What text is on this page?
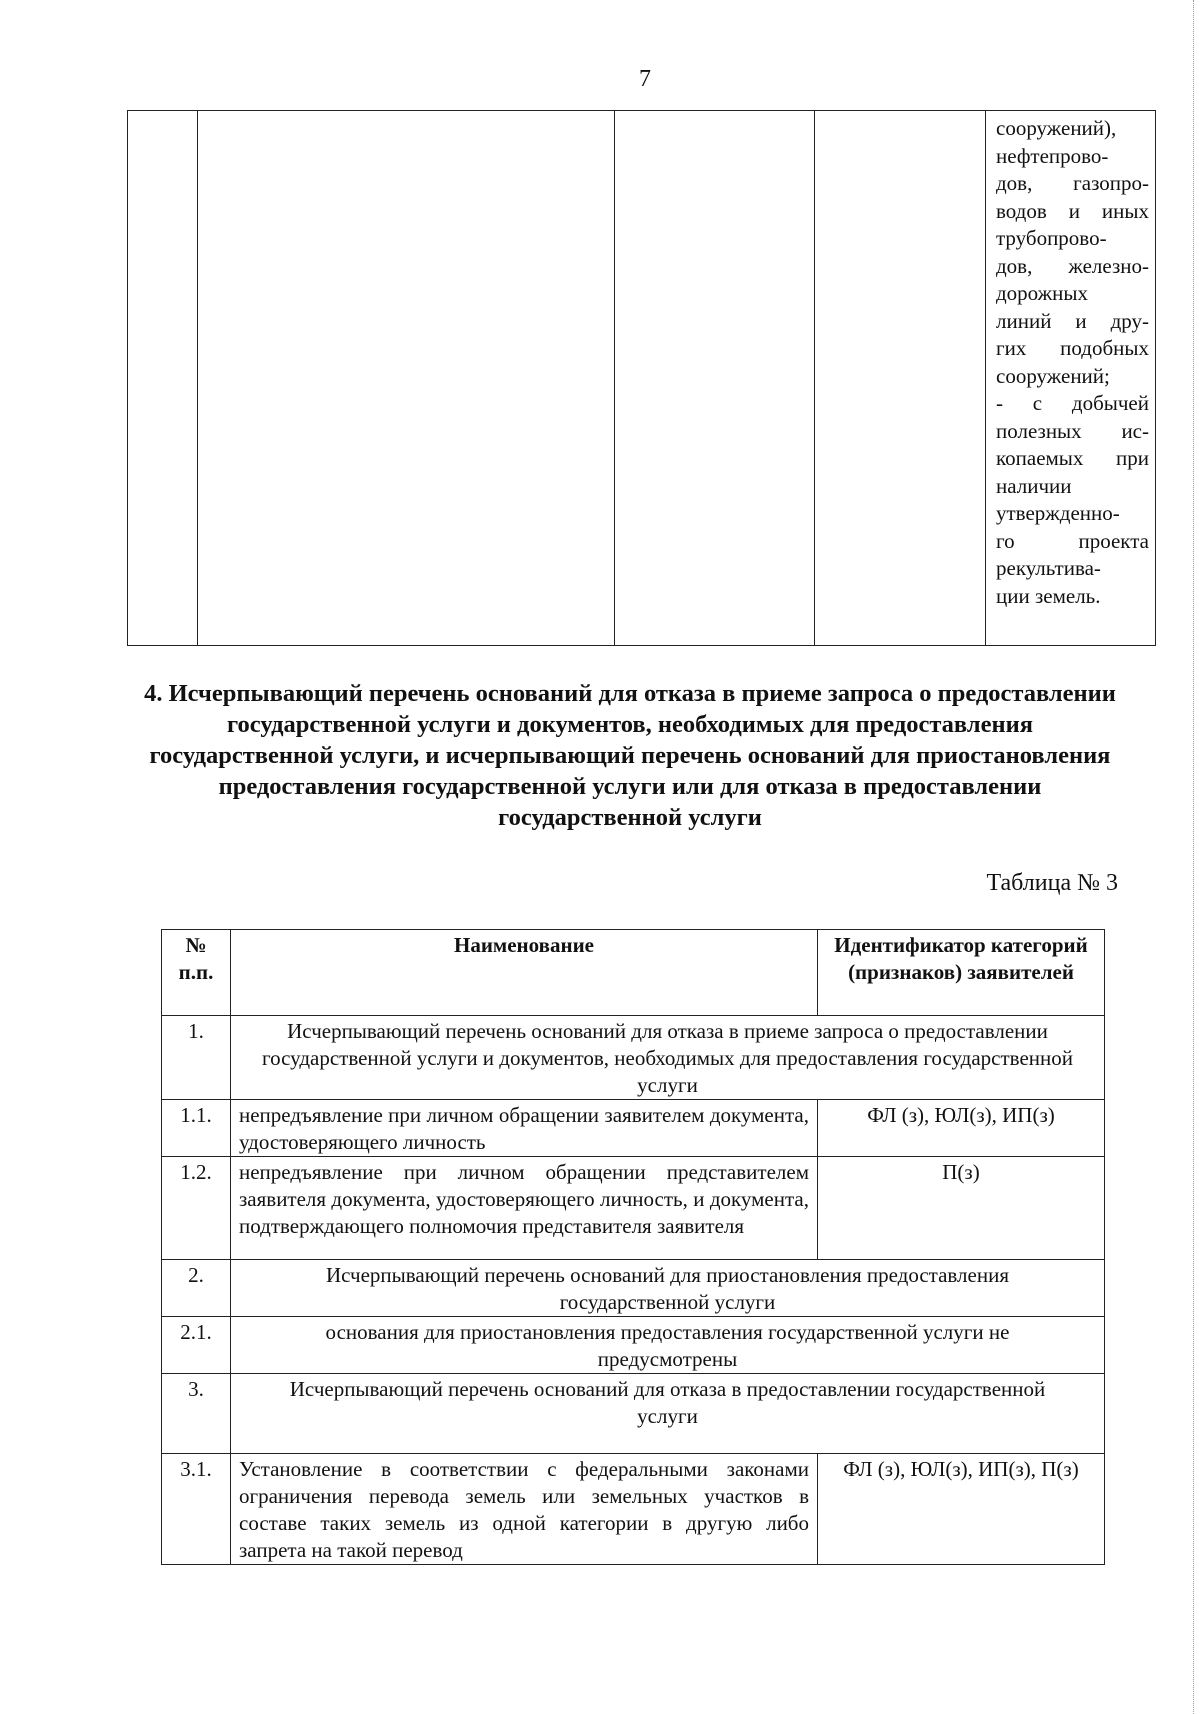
7

сооружений),
нефтепрово-
дов, газопро-
водов и иных
трубопрово-
дов, железно-
дорожных
линий и дру-
гих подобных
сооружений;
- с добычей
полезных ис-
копаемых при
наличии
утвержденно-
го проекта
рекультива-
ции земель.
4. Исчерпывающий перечень оснований для отказа в приеме запроса о предоставлении государственной услуги и документов, необходимых для предоставления государственной услуги, и исчерпывающий перечень оснований для приостановления предоставления государственной услуги или для отказа в предоставлении государственной услуги
Таблица № 3
№ п.п.	Наименование	Идентификатор категорий (признаков) заявителей
1.	Исчерпывающий перечень оснований для отказа в приеме запроса о предоставлении государственной услуги и документов, необходимых для предоставления государственной услуги	
1.1.	непредъявление при личном обращении заявителем документа, удостоверяющего личность	ФЛ (з), ЮЛ(з), ИП(з)
1.2.	непредъявление при личном обращении представителем заявителя документа, удостоверяющего личность, и документа, подтверждающего полномочия представителя заявителя	П(з)
2.	Исчерпывающий перечень оснований для приостановления предоставления государственной услуги	
2.1.	основания для приостановления предоставления государственной услуги не предусмотрены	
3.	Исчерпывающий перечень оснований для отказа в предоставлении государственной услуги	
3.1.	Установление в соответствии с федеральными законами ограничения перевода земель или земельных участков в составе таких земель из одной категории в другую либо запрета на такой перевод	ФЛ (з), ЮЛ(з), ИП(з), П(з)
